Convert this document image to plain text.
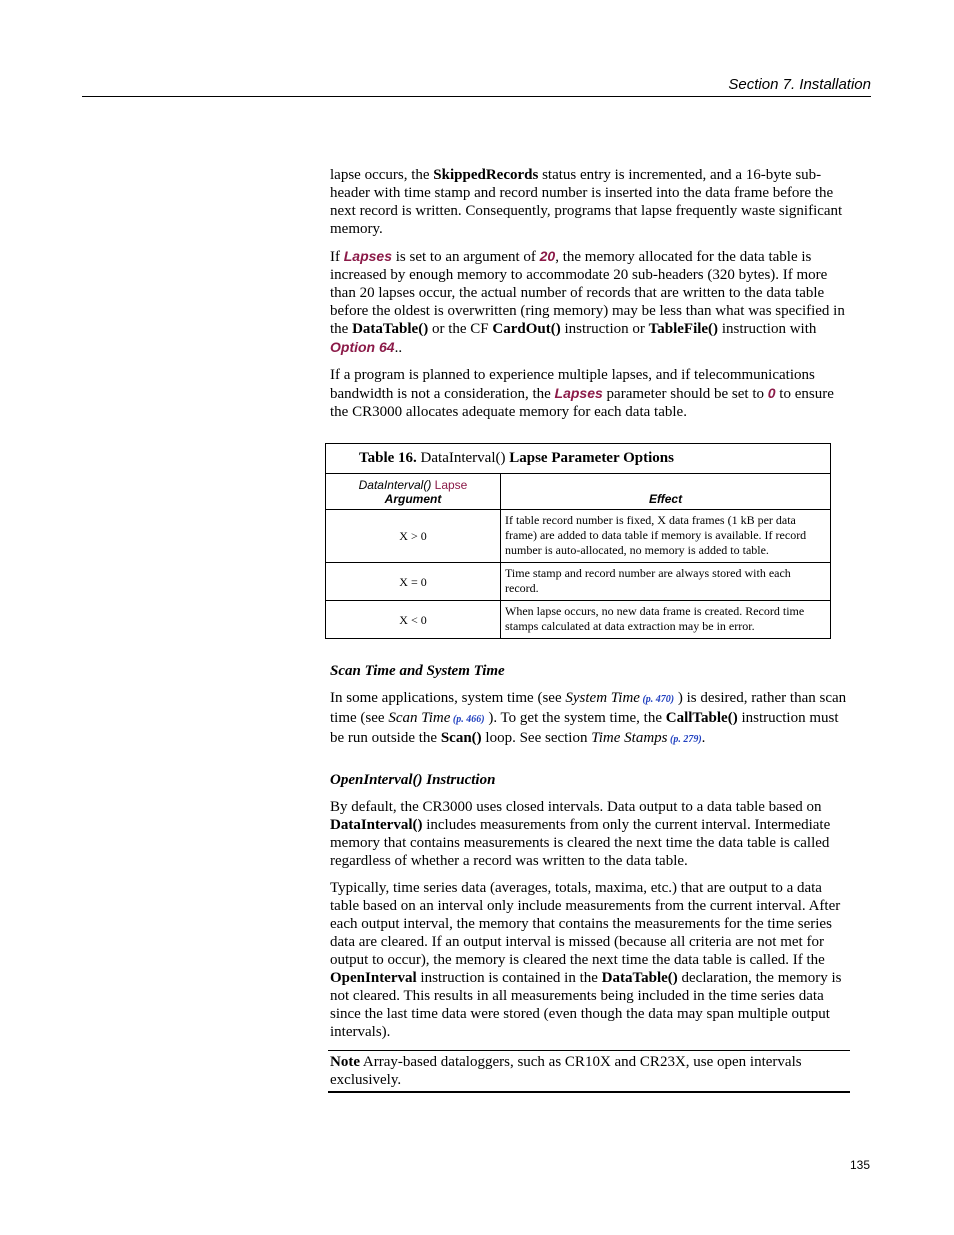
Section 7. Installation

lapse occurs, the SkippedRecords status entry is incremented, and a 16-byte sub-header with time stamp and record number is inserted into the data frame before the next record is written. Consequently, programs that lapse frequently waste significant memory.

If Lapses is set to an argument of 20, the memory allocated for the data table is increased by enough memory to accommodate 20 sub-headers (320 bytes). If more than 20 lapses occur, the actual number of records that are written to the data table before the oldest is overwritten (ring memory) may be less than what was specified in the DataTable() or the CF CardOut() instruction or TableFile() instruction with Option 64..

If a program is planned to experience multiple lapses, and if telecommunications bandwidth is not a consideration, the Lapses parameter should be set to 0 to ensure the CR3000 allocates adequate memory for each data table.

Table 16. DataInterval() Lapse Parameter Options	
DataInterval() Lapse
Argument	Effect
X > 0	If table record number is fixed, X data frames (1 kB per data frame) are added to data table if memory is available. If record number is auto-allocated, no memory is added to table.
X = 0	Time stamp and record number are always stored with each record.
X < 0	When lapse occurs, no new data frame is created. Record time stamps calculated at data extraction may be in error.
Scan Time and System Time

In some applications, system time (see System Time (p. 470) ) is desired, rather than scan time (see Scan Time (p. 466) ). To get the system time, the CallTable() instruction must be run outside the Scan() loop. See section Time Stamps (p. 279).

OpenInterval() Instruction

By default, the CR3000 uses closed intervals. Data output to a data table based on DataInterval() includes measurements from only the current interval. Intermediate memory that contains measurements is cleared the next time the data table is called regardless of whether a record was written to the data table.

Typically, time series data (averages, totals, maxima, etc.) that are output to a data table based on an interval only include measurements from the current interval. After each output interval, the memory that contains the measurements for the time series data are cleared. If an output interval is missed (because all criteria are not met for output to occur), the memory is cleared the next time the data table is called. If the OpenInterval instruction is contained in the DataTable() declaration, the memory is not cleared. This results in all measurements being included in the time series data since the last time data were stored (even though the data may span multiple output intervals).

Note Array-based dataloggers, such as CR10X and CR23X, use open intervals exclusively.
135
